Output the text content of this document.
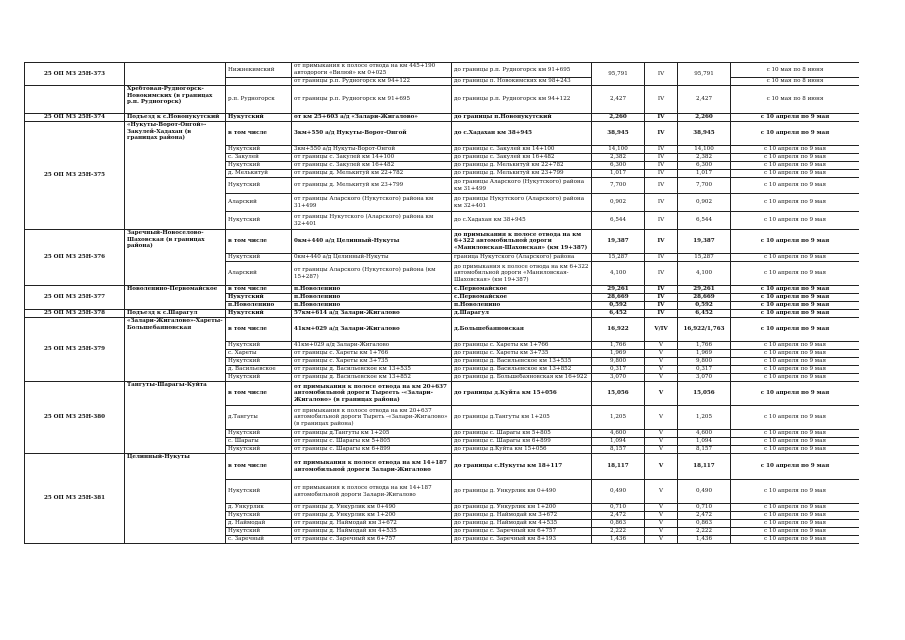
25 ОП МЗ 25Н-373		Нижнекимский	от примыкания к полосе отвода на км 445+190 автодороги «Вилюй» км 0+025	до границы р.п. Рудногорск км 91+695	95,791	IV	95,791	с 10 мая по 8 июня
			от границы р.п. Рудногорск км 94+122	до границы п. Новокимских км 98+243				с 10 мая по 8 июня
	Хребтовая-Рудногорск-Новокимских (в границах р.п. Рудногорск)	р.п. Рудногорск	от границы р.п. Рудногорск км 91+695	до границы р.п. Рудногорск км 94+122	2,427	IV	2,427	с 10 мая по 8 июня
25 ОП МЗ 25Н-374	Подъезд к с.Новонукутский	Нукутский	от км 25+603 а/д «Залари-Жигалово»	до границы п.Новонукутский	2,260	IV	2,260	с 10 апреля по 9 мая
25 ОП МЗ 25Н-375	«Нукуты-Ворот-Онгой»-Закулей-Хадахан (в границах района)	в том числе	3км+550 а/д Нукуты-Ворот-Онгой	до с.Хадахан км 38+945	38,945	IV	38,945	с 10 апреля по 9 мая
		Нукутский	3км+550 а/д Нукуты-Ворот-Онгой	до границы с. Закулей км 14+100	14,100	IV	14,100	с 10 апреля по 9 мая
		с. Закулей	от границы с. Закулей км 14+100	до границы с. Закулей км 16+482	2,382	IV	2,382	с 10 апреля по 9 мая
		Нукутский	от границы с. Закулей км 16+482	до границы д. Мелькитуй км 22+782	6,300	IV	6,300	с 10 апреля по 9 мая
		д. Мелькитуй	от границы д. Мелькитуй км 22+782	до границы д. Мелькитуй км 23+799	1,017	IV	1,017	с 10 апреля по 9 мая
		Нукутский	от границы д. Мелькитуй км 23+799	до границы Аларского (Нукутского) района км 31+499	7,700	IV	7,700	с 10 апреля по 9 мая
		Аларский	от границы Аларского (Нукутского) района км 31+499	до границы Нукутского (Аларского) района км 32+401	0,902	IV	0,902	с 10 апреля по 9 мая
		Нукутский	от границы Нукутского (Аларского) района км 32+401	до с.Хадахан км 38+945	6,544	IV	6,544	с 10 апреля по 9 мая
25 ОП МЗ 25Н-376	Заречный-Новоселово-Шаховская (в границах района)	в том числе	0км+440 а/д Целинный-Нукуты	до примыкания к полосе отвода на км 6+322 автомобильной дороги «Маниловская-Шаховская» (км 19+387)	19,387	IV	19,387	с 10 апреля по 9 мая
		Нукутский	0км+440 а/д Целинный-Нукуты	граница Нукутского (Аларского) района	15,287	IV	15,287	с 10 апреля по 9 мая
		Аларский	от границы Аларского (Нукутского) района (км 15+287)	до примыкания к полосе отвода на км 6+322 автомобильной дороги «Маниловская-Шаховская» (км 19+387)	4,100	IV	4,100	с 10 апреля по 9 мая
25 ОП МЗ 25Н-377	Новоленино-Первомайское	в том числе	п.Новоленино	с.Первомайское	29,261	IV	29,261	с 10 апреля по 9 мая
		Нукутский	п.Новоленино	с.Первомайское	28,669	IV	28,669	с 10 апреля по 9 мая
		п.Новоленино	п.Новоленино	п.Новоленино	0,592	IV	0,592	с 10 апреля по 9 мая
25 ОП МЗ 25Н-378	Подъезд к с.Шарагул	Нукутский	57км+614 а/д Залари-Жигалово	д.Шарагул	6,452	IV	6,452	с 10 апреля по 9 мая
25 ОП МЗ 25Н-379	«Залари-Жигалово»-Хареты-Большебаяновская	в том числе	41км+029 а/д Залари-Жигалово	д.Большебаяновская	16,922	V/IV	16,922/1,763	с 10 апреля по 9 мая
		Нукутский	41км+029 а/д Залари-Жигалово	до границы с. Хареты км 1+766	1,766	V	1,766	с 10 апреля по 9 мая
		с. Хареты	от границы с. Хареты км 1+766	до границы с. Хареты км 3+735	1,969	V	1,969	с 10 апреля по 9 мая
		Нукутский	от границы с. Хареты км 3+735	до границы д. Васильевское км 13+535	9,800	V	9,800	с 10 апреля по 9 мая
		д. Васильевское	от границы д. Васильевское км 13+535	до границы д. Васильевское км 13+852	0,317	V	0,317	с 10 апреля по 9 мая
		Нукутский	от границы д. Васильевское км 13+852	до границы д. Большебаяновская км 16+922	3,070	V	3,070	с 10 апреля по 9 мая
25 ОП МЗ 25Н-380	Тангуты-Шарагы-Куйта	в том числе	от примыкания к полосе отвода на км 20+637 автомобильной дороги Тырееть -«Залари-Жигалово» (в границах района)	до границы д.Куйта км 15+056	15,056	V	15,056	с 10 апреля по 9 мая
		д.Тангуты	от примыкания к полосе отвода на км 20+637 автомобильной дороги Тыреть -«Залари-Жигалово» (в границах района)	до границы д.Тангуты км 1+205	1,205	V	1,205	с 10 апреля по 9 мая
		Нукутский	от границы д.Тангуты км 1+205	до границы с. Шарагы км 5+805	4,600	V	4,600	с 10 апреля по 9 мая
		с. Шарагы	от границы с. Шарагы км 5+805	до границы с. Шарагы км 6+899	1,094	V	1,094	с 10 апреля по 9 мая
		Нукутский	от границы с. Шарагы км 6+899	до границы д.Куйта км 15+056	8,157	V	8,157	с 10 апреля по 9 мая
25 ОП МЗ 25Н-381	Целинный-Нукуты	в том числе	от примыкания к полосе отвода на км 14+187 автомобильной дороги Залари-Жигалово	до границы с.Нукуты км 18+117	18,117	V	18,117	с 10 апреля по 9 мая
		Нукутский	от примыкания к полосе отвода на км 14+187 автомобильной дороги Залари-Жигалово	до границы д. Ункурлик км 0+490	0,490	V	0,490	с 10 апреля по 9 мая
		д. Ункурлик	от границы д. Ункурлик км 0+490	до границы д. Ункурлик км 1+200	0,710	V	0,710	с 10 апреля по 9 мая
		Нукутский	от границы д. Ункурлик км 1+200	до границы д. Наймодай км 3+672	2,472	V	2,472	с 10 апреля по 9 мая
		д. Наймодай	от границы д. Наймодай км 3+672	до границы д. Наймодай км 4+535	0,863	V	0,863	с 10 апреля по 9 мая
		Нукутский	от границы д. Наймодай км 4+535	до границы с. Заречный км 6+757	2,222	V	2,222	с 10 апреля по 9 мая
		с. Заречный	от границы с. Заречный км 6+757	до границы с. Заречный км 8+193	1,436	V	1,436	с 10 апреля по 9 мая
